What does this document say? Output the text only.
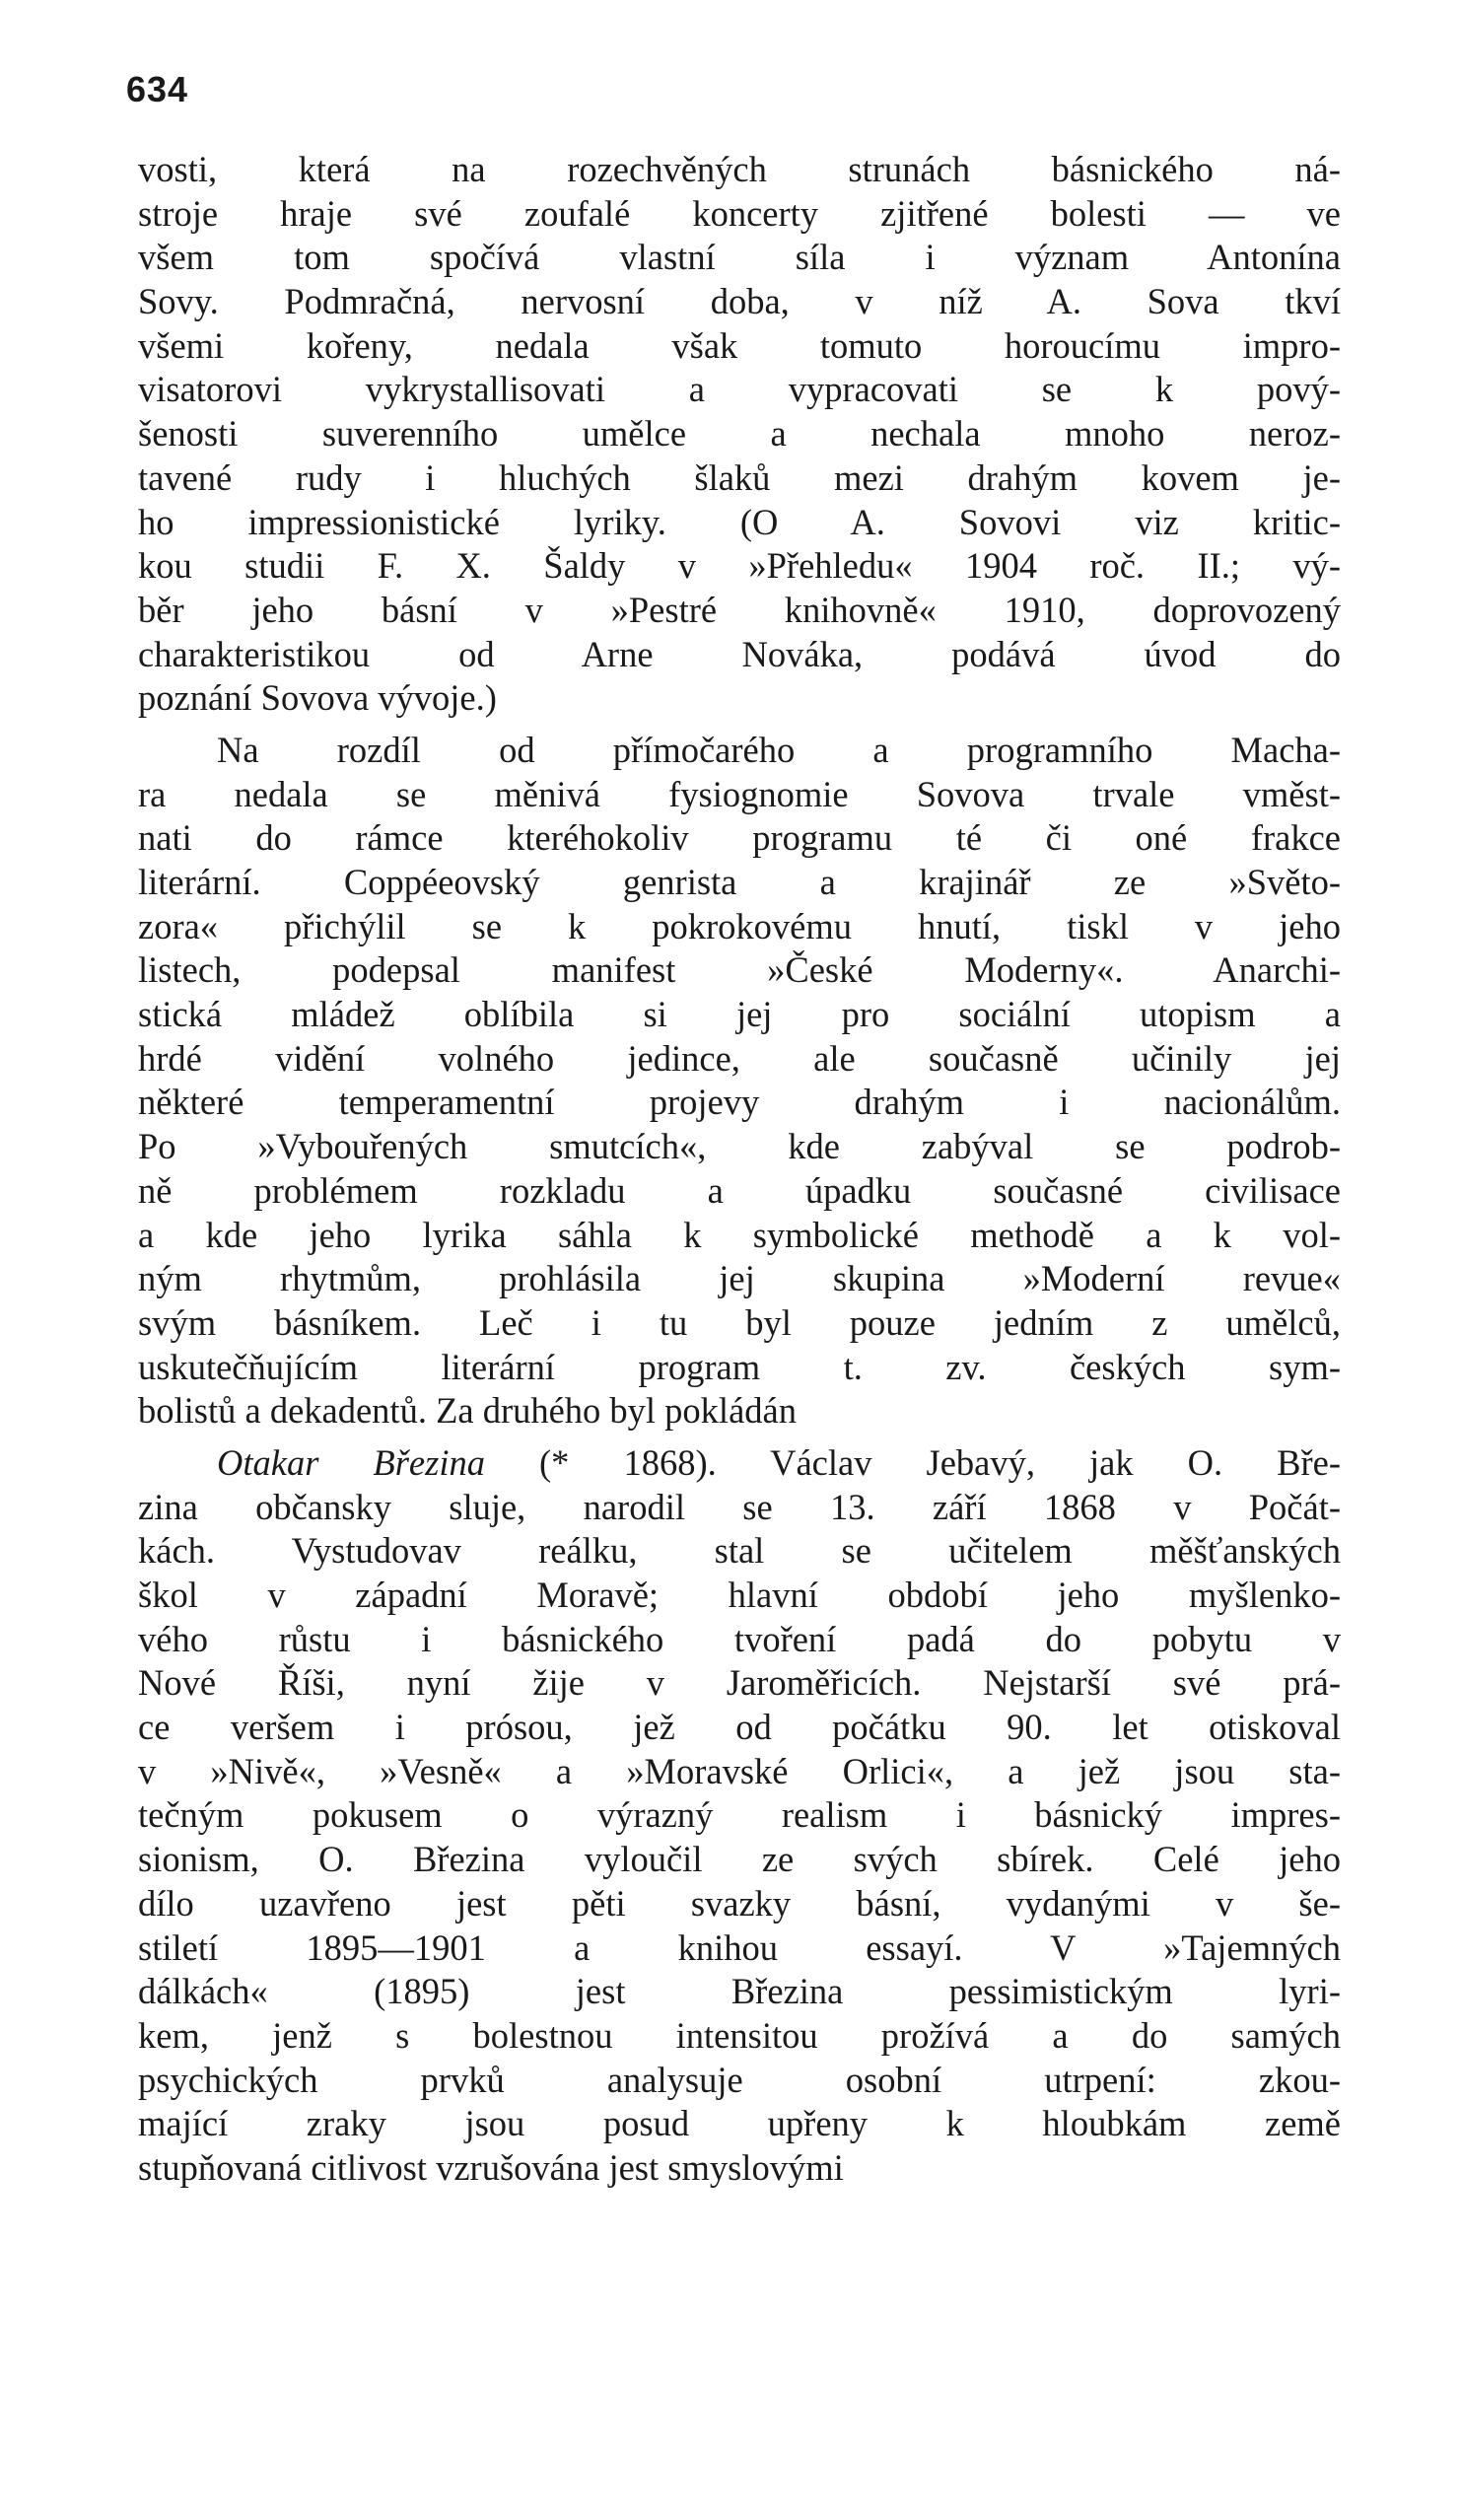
634
vosti, která na rozechvěných strunách básnického ná-
stroje hraje své zoufalé koncerty zjitřené bolesti — ve
všem tom spočívá vlastní síla i význam Antonína
Sovy. Podmračná, nervosní doba, v níž A. Sova tkví
všemi kořeny, nedala však tomuto horoucímu impro-
visatorovi vykrystallisovati a vypracovati se k pový-
šenosti suverenního umělce a nechala mnoho neroz-
tavené rudy i hluchých šlaků mezi drahým kovem je-
ho impressionistické lyriky. (O A. Sovovi viz kritic-
kou studii F. X. Šaldy v »Přehledu« 1904 roč. II.; vý-
běr jeho básní v »Pestré knihovně« 1910, doprovozený
charakteristikou od Arne Nováka, podává úvod do
poznání Sovova vývoje.)
Na rozdíl od přímočarého a programního Macha-
ra nedala se měnivá fysiognomie Sovova trvale vměst-
nati do rámce kteréhokoliv programu té či oné frakce
literární. Coppéeovský genrista a krajinář ze »Světo-
zora« přichýlil se k pokrokovému hnutí, tiskl v jeho
listech, podepsal manifest »České Moderny«. Anarchi-
stická mládež oblíbila si jej pro sociální utopism a
hrdé vidění volného jedince, ale současně učinily jej
některé temperamentní projevy drahým i nacionálům.
Po »Vybouřených smutcích«, kde zabýval se podrob-
ně problémem rozkladu a úpadku současné civilisace
a kde jeho lyrika sáhla k symbolické methodě a k vol-
ným rhytmům, prohlásila jej skupina »Moderní revue«
svým básníkem. Leč i tu byl pouze jedním z umělců,
uskutečňujícím literární program t. zv. českých sym-
bolistů a dekadentů. Za druhého byl pokládán
Otakar Březina (* 1868). Václav Jebavý, jak O. Bře-
zina občansky sluje, narodil se 13. září 1868 v Počát-
kách. Vystudovav reálku, stal se učitelem měšťanských
škol v západní Moravě; hlavní období jeho myšlenko-
vého růstu i básnického tvoření padá do pobytu v
Nové Říši, nyní žije v Jaroměřicích. Nejstarší své prá-
ce veršem i prósou, jež od počátku 90. let otiskoval
v »Nivě«, »Vesně« a »Moravské Orlici«, a jež jsou sta-
tečným pokusem o výrazný realism i básnický impres-
sionism, O. Březina vyloučil ze svých sbírek. Celé jeho
dílo uzavřeno jest pěti svazky básní, vydanými v še-
stiletí 1895—1901 a knihou essayí. V »Tajemných
dálkách« (1895) jest Březina pessimistickým lyri-
kem, jenž s bolestnou intensitou prožívá a do samých
psychických prvků analysuje osobní utrpení: zkou-
mající zraky jsou posud upřeny k hloubkám země
stupňovaná citlivost vzrušována jest smyslovými
